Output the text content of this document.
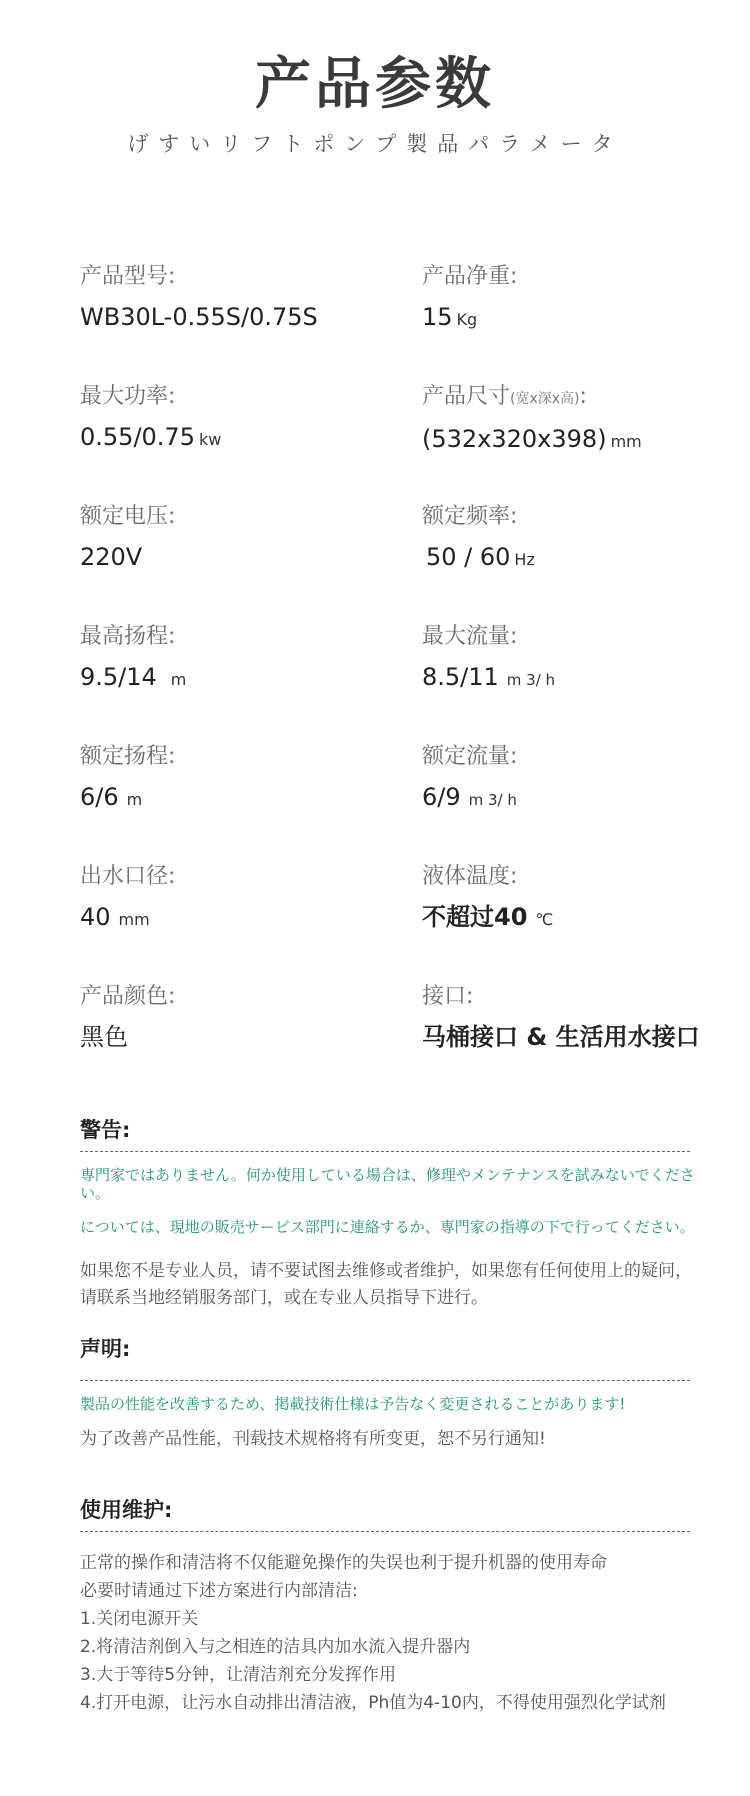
产品参数
げすいリフトポンプ製品パラメータ
产品型号:
WB30L-0.55S/0.75S
产品净重:
15 Kg
最大功率:
0.55/0.75 kw
产品尺寸(宽x深x高):
(532x320x398) mm
额定电压:
220V
额定频率:
50 / 60 Hz
最高扬程:
9.5/14 m
最大流量:
8.5/11 m 3/ h
额定扬程:
6/6 m
额定流量:
6/9 m 3/ h
出水口径:
40 mm
液体温度:
不超过40 ℃
产品颜色:
黑色
接口:
马桶接口 & 生活用水接口
警告:
専門家ではありません。何か使用している場合は、修理やメンテナンスを試みないでください。
については、現地の販売サービス部門に連絡するか、専門家の指導の下で行ってください。
如果您不是专业人员，请不要试图去维修或者维护，如果您有任何使用上的疑问，请联系当地经销服务部门，或在专业人员指导下进行。
声明:
製品の性能を改善するため、掲載技術仕様は予告なく変更されることがあります!
为了改善产品性能，刊载技术规格将有所变更，恕不另行通知!
使用维护:
正常的操作和清洁将不仅能避免操作的失误也利于提升机器的使用寿命
必要时请通过下述方案进行内部清洁:
1.关闭电源开关
2.将清洁剂倒入与之相连的洁具内加水流入提升器内
3.大于等待5分钟，让清洁剂充分发挥作用
4.打开电源，让污水自动排出清洁液，Ph值为4-10内，不得使用强烈化学试剂
